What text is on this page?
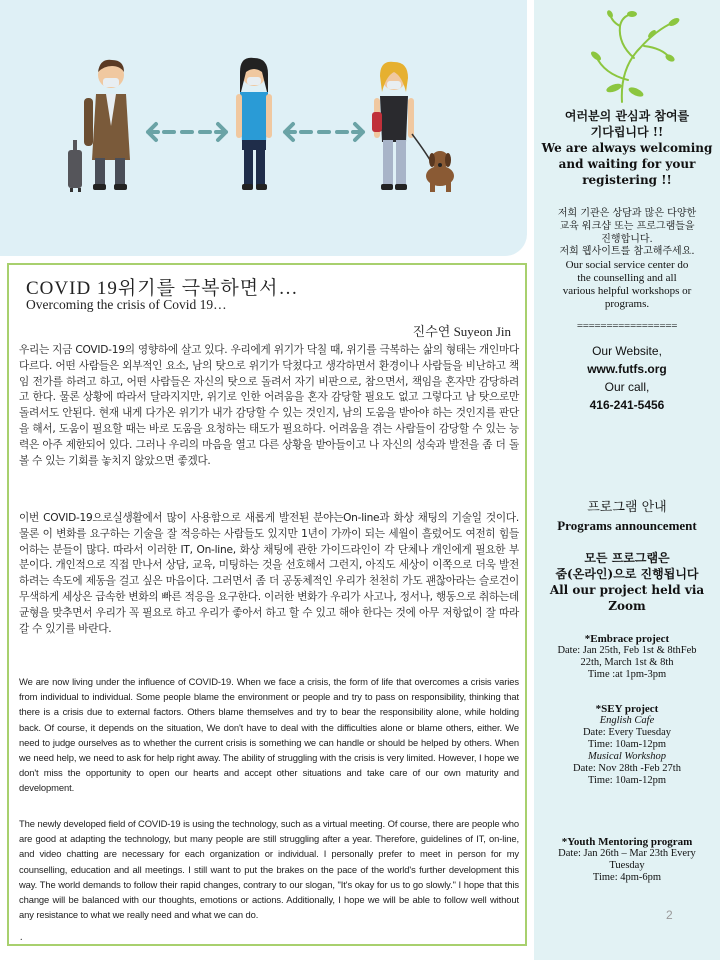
COVID 19위기를 극복하면서…
Overcoming the crisis of Covid 19…
진수연 Suyeon Jin

우리는 지금 COVID-19의 영향하에 살고 있다. 우리에게 위기가 닥칠 때, 위기를 극복하는 삶의 형태는 개인마다 다르다. 어떤 사람들은 외부적인 요소, 남의 탓으로 위기가 닥쳤다고 생각하면서 환경이나 사람들을 비난하고 책임 전가를 하려고 하고, 어떤 사람들은 자신의 탓으로 돌려서 자기 비판으로, 참으면서, 책임을 혼자만 감당하려고 한다. 물론 상황에 따라서 달라지지만, 위기로 인한 어려움을 혼자 감당할 필요도 없고 그렇다고 남 탓으로만 돌려서도 안된다. 현재 내게 다가온 위기가 내가 감당할 수 있는 것인지, 남의 도움을 받아야 하는 것인지를 판단을 해서, 도움이 필요할 때는 바로 도움을 요청하는 태도가 필요하다. 어려움을 겪는 사람들이 감당할 수 있는 능력은 아주 제한되어 있다. 그러나 우리의 마음을 열고 다른 상황을 받아들이고 나 자신의 성숙과 발전을 좀 더 돌볼 수 있는 기회를 놓치지 않았으면 좋겠다.

이번 COVID-19으로실생활에서 많이 사용함으로 새롭게 발전된 분야는On-line과 화상 채팅의 기술일 것이다. 물론 이 변화를 요구하는 기술을 잘 적응하는 사람들도 있지만 1년이 가까이 되는 세월이 흘렀어도 여전히 힘들어하는 분들이 많다. 따라서 이러한 IT, On-line, 화상 채팅에 관한 가이드라인이 각 단체나 개인에게 필요한 부분이다. 개인적으로 직접 만나서 상담, 교육, 미팅하는 것을 선호해서 그런지, 아직도 세상이 이쪽으로 더욱 발전하려는 속도에 제동을 걸고 싶은 마음이다. 그러면서 좀 더 공동체적인 우리가 천천히 가도 괜찮아라는 슬로건이 무색하게 세상은 급속한 변화의 빠른 적응을 요구한다. 이러한 변화가 우리가 사고나, 정서나, 행동으로 취하는데 균형을 맞추면서 우리가 꼭 필요로 하고 우리가 좋아서 하고 할 수 있고 해야 한다는 것에 아무 저항없이 잘 따라 갈 수 있기를 바란다.

We are now living under the influence of COVID-19. When we face a crisis, the form of life that overcomes a crisis varies from individual to individual. Some people blame the environment or people and try to pass on responsibility, thinking that there is a crisis due to external factors. Others blame themselves and try to bear the responsibility alone, while holding back. Of course, it depends on the situation, We don't have to deal with the difficulties alone or blame others, either. We need to judge ourselves as to whether the current crisis is something we can handle or should be helped by others. When we need help, we need to ask for help right away. The ability of struggling with the crisis is very limited. However, I hope we don't miss the opportunity to open our hearts and accept other situations and take care of our own maturity and development.

The newly developed field of COVID-19 is using the technology, such as a virtual meeting. Of course, there are people who are good at adapting the technology, but many people are still struggling after a year. Therefore, guidelines of IT, on-line, and video chatting are necessary for each organization or individual. I personally prefer to meet in person for my counselling, education and all meetings. I still want to put the brakes on the pace of the world's further development this way. The world demands to follow their rapid changes, contrary to our slogan, "It's okay for us to go slowly." I hope that this change will be balanced with our thoughts, emotions or actions. Additionally, I hope we will be able to follow well without any resistance to what we really need and what we can do.

여러분의 관심과 참여를
기다립니다 !!
We are always welcoming
and waiting for your
registering !!
저희 기관은 상담과 많은 다양한
교육 워크샵 또는 프로그램들을
진행합니다.
저희 웹사이트를 참고해주세요.
Our social service center do
the counselling and all
various helpful workshops or
programs.
=================
Our Website,
www.futfs.org
Our call,
416-241-5456
프로그램 안내
Programs announcement
모든 프로그램은
줌(온라인)으로 진행됩니다
All our project held via
Zoom
*Embrace project
Date: Jan 25th, Feb 1st & 8thFeb
22th, March 1st & 8th
Time :at 1pm-3pm
*SEY project
English Cafe
Date: Every Tuesday
Time: 10am-12pm
Musical Workshop
Date: Nov 28th -Feb 27th
Time: 10am-12pm
*Youth Mentoring program
Date: Jan 26th – Mar 23th Every
Tuesday
Time: 4pm-6pm
2
.
